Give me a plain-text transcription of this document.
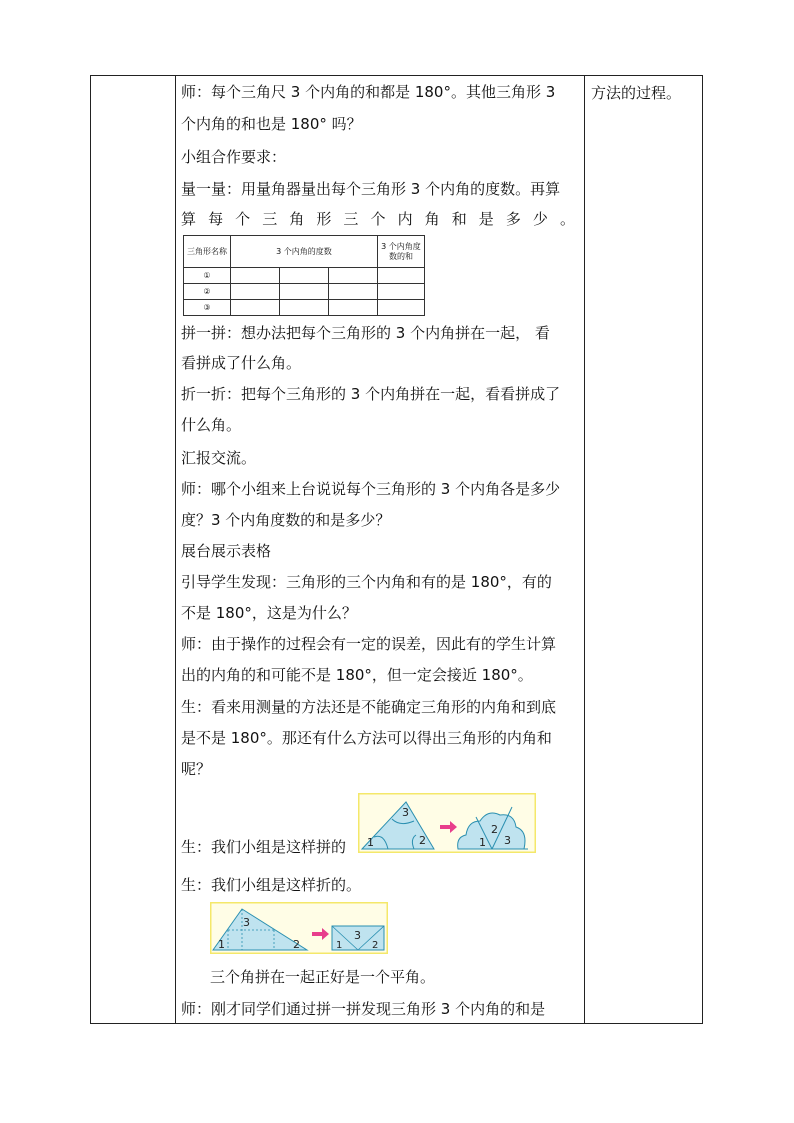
师：每个三角尺 3 个内角的和都是 180°。其他三角形 3
个内角的和也是 180° 吗？
小组合作要求：
量一量：用量角器量出每个三角形 3 个内角的度数。再算
算 每 个 三 角 形 三 个 内 角 和 是 多 少 。
三角形名称	3 个内角的度数			3 个内角度数的和
①				
②				
③				
拼一拼：想办法把每个三角形的 3 个内角拼在一起， 看
看拼成了什么角。
折一折：把每个三角形的 3 个内角拼在一起，看看拼成了
什么角。
汇报交流。
师：哪个小组来上台说说每个三角形的 3 个内角各是多少
度？3 个内角度数的和是多少？
展台展示表格
引导学生发现：三角形的三个内角和有的是 180°，有的
不是 180°，这是为什么？
师：由于操作的过程会有一定的误差，因此有的学生计算
出的内角的和可能不是 180°，但一定会接近 180°。
生：看来用测量的方法还是不能确定三角形的内角和到底
是不是 180°。那还有什么方法可以得出三角形的内角和
呢？
生：我们小组是这样拼的
生：我们小组是这样折的。
三个角拼在一起正好是一个平角。
师：刚才同学们通过拼一拼发现三角形 3 个内角的和是
方法的过程。
3
1	2
2
1 3
3
1	2	1
3
2
